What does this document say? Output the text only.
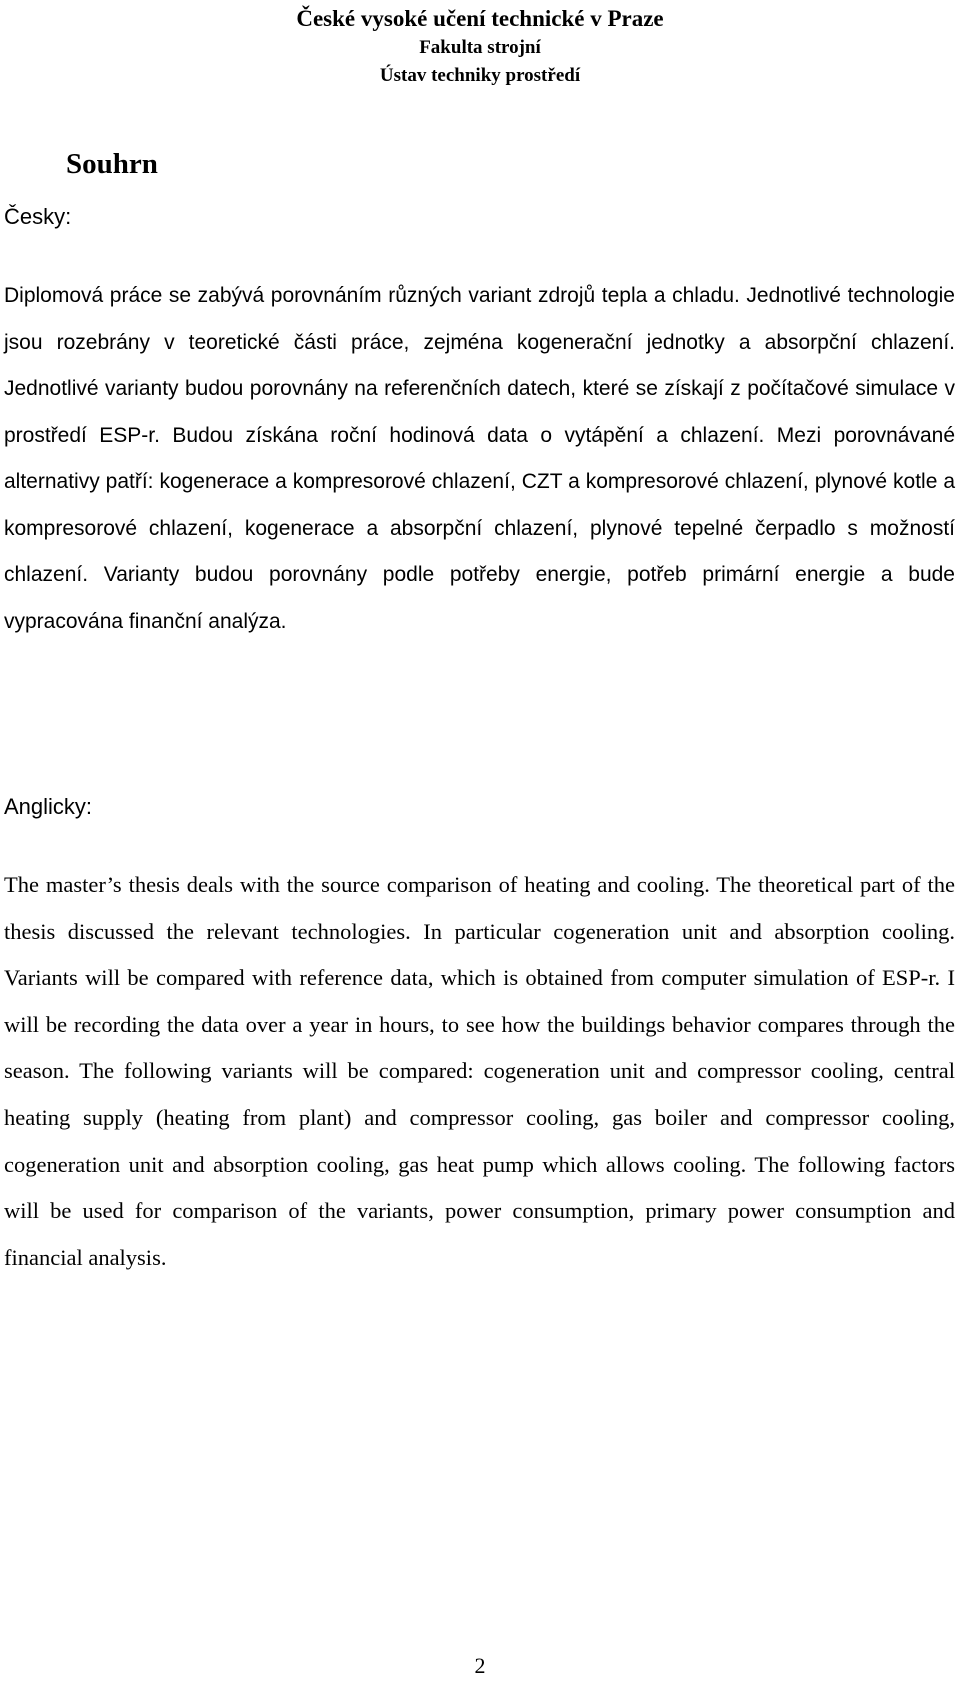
České vysoké učení technické v Praze
Fakulta strojní
Ústav techniky prostředí
Souhrn
Česky:

Diplomová práce se zabývá porovnáním různých variant zdrojů tepla a chladu. Jednotlivé technologie jsou rozebrány v teoretické části práce, zejména kogenerační jednotky a absorpční chlazení. Jednotlivé varianty budou porovnány na referenčních datech, které se získají z počítačové simulace v prostředí ESP-r. Budou získána roční hodinová data o vytápění a chlazení. Mezi porovnávané alternativy patří: kogenerace a kompresorové chlazení, CZT a kompresorové chlazení, plynové kotle a kompresorové chlazení, kogenerace a absorpční chlazení, plynové tepelné čerpadlo s možností chlazení. Varianty budou porovnány podle potřeby energie, potřeb primární energie a bude vypracována finanční analýza.

Anglicky:

The master’s thesis deals with the source comparison of heating and cooling. The theoretical part of the thesis discussed the relevant technologies. In particular cogeneration unit and absorption cooling. Variants will be compared with reference data, which is obtained from computer simulation of ESP-r. I will be recording the data over a year in hours, to see how the buildings behavior compares through the season. The following variants will be compared: cogeneration unit and compressor cooling, central heating supply (heating from plant) and compressor cooling, gas boiler and compressor cooling, cogeneration unit and absorption cooling, gas heat pump which allows cooling. The following factors will be used for comparison of the variants, power consumption, primary power consumption and financial analysis.

2
